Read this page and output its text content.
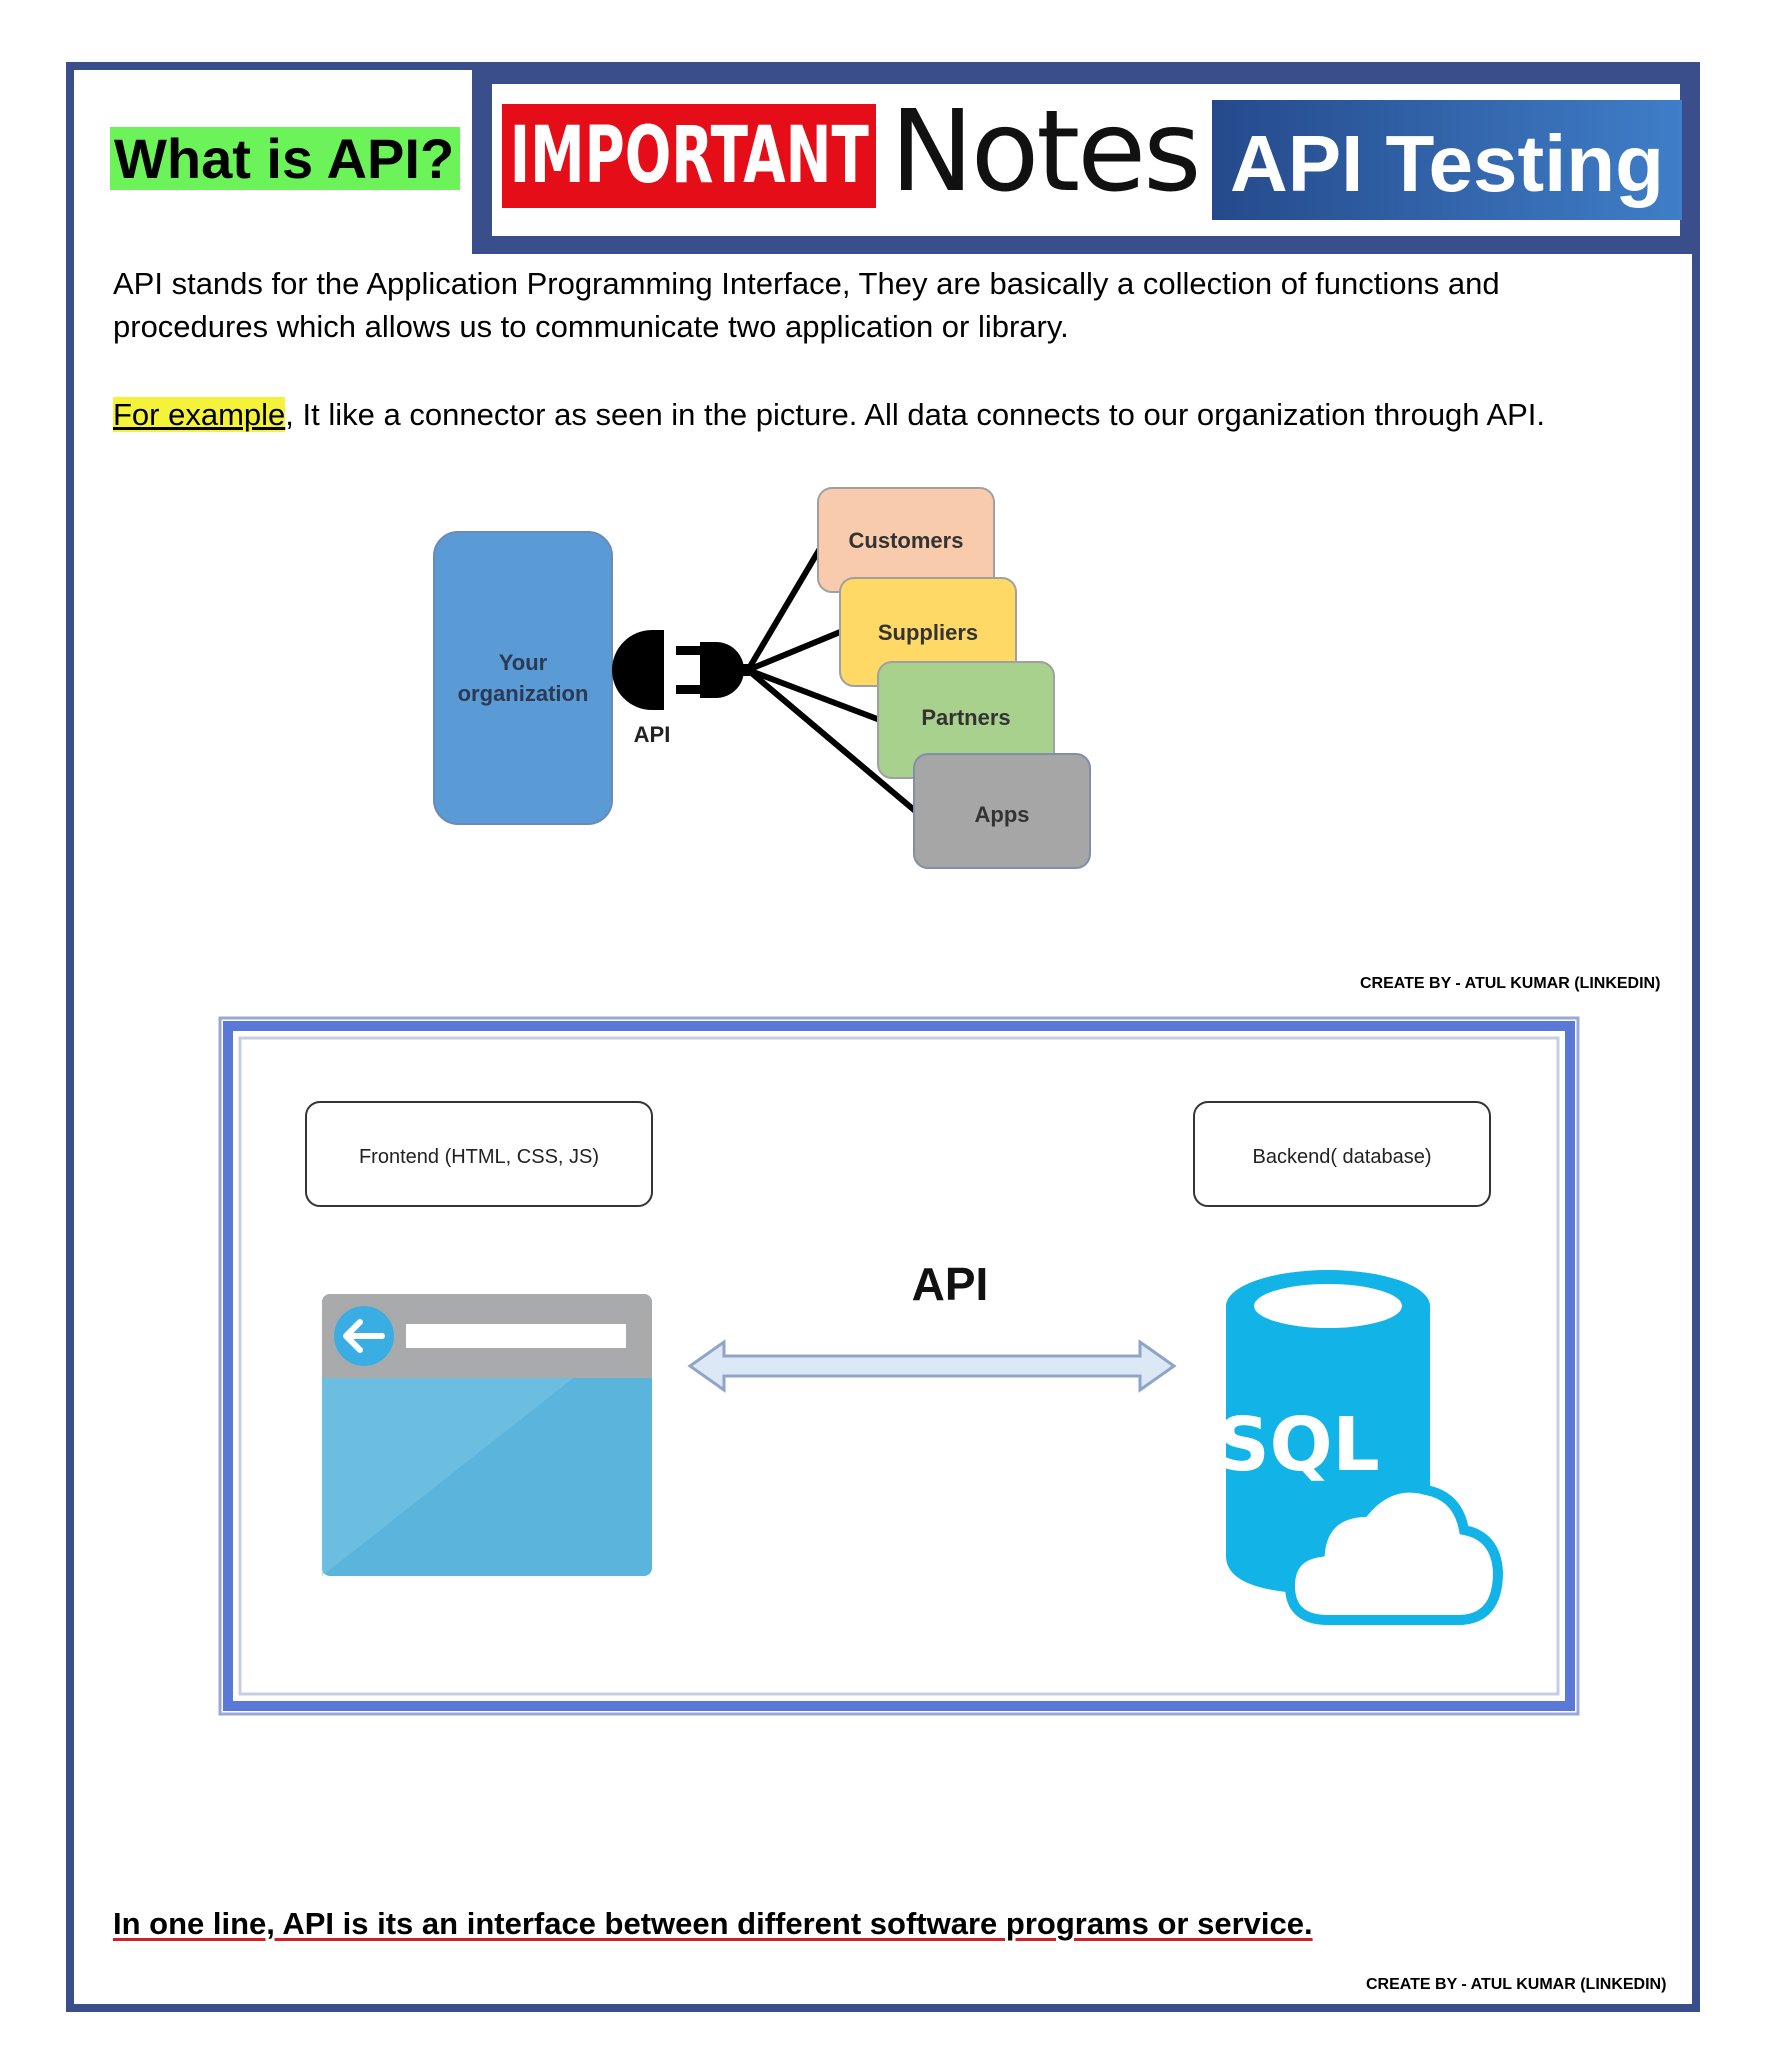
IMPORTANT Notes API Testing
What is API?
API stands for the Application Programming Interface, They are basically a collection of functions and
procedures which allows us to communicate two application or library.
For example, It like a connector as seen in the picture. All data connects to our organization through API.
Your
organization
API
Customers
Suppliers
Partners
Apps
CREATE BY - ATUL KUMAR (LINKEDIN)
Frontend (HTML, CSS, JS)	Backend( database)
API
SQL
In one line, API is its an interface between different software programs or service.
CREATE BY - ATUL KUMAR (LINKEDIN)
